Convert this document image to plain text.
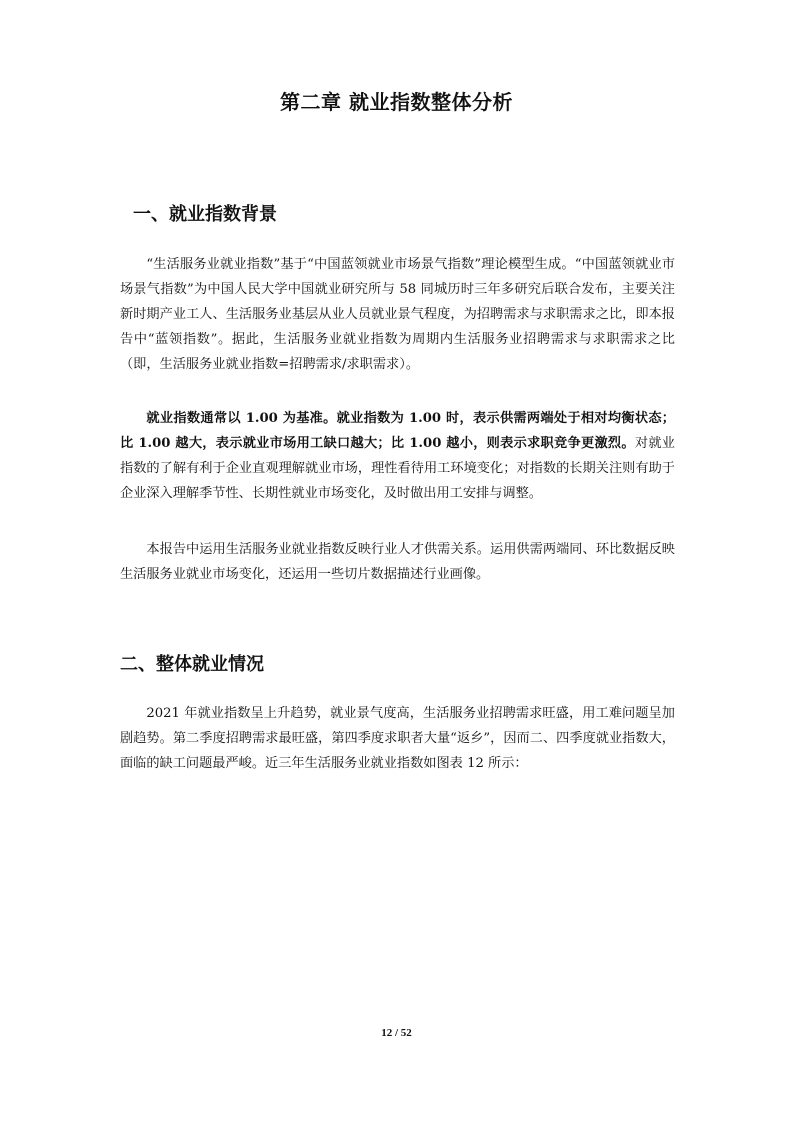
第二章 就业指数整体分析
一、就业指数背景

“生活服务业就业指数”基于“中国蓝领就业市场景气指数”理论模型生成。“中国蓝领就业市场景气指数”为中国人民大学中国就业研究所与 58 同城历时三年多研究后联合发布，主要关注新时期产业工人、生活服务业基层从业人员就业景气程度，为招聘需求与求职需求之比，即本报告中“蓝领指数”。据此，生活服务业就业指数为周期内生活服务业招聘需求与求职需求之比（即，生活服务业就业指数=招聘需求/求职需求）。

就业指数通常以 1.00 为基准。就业指数为 1.00 时，表示供需两端处于相对均衡状态；比 1.00 越大，表示就业市场用工缺口越大；比 1.00 越小，则表示求职竞争更激烈。对就业指数的了解有利于企业直观理解就业市场，理性看待用工环境变化；对指数的长期关注则有助于企业深入理解季节性、长期性就业市场变化，及时做出用工安排与调整。

本报告中运用生活服务业就业指数反映行业人才供需关系。运用供需两端同、环比数据反映生活服务业就业市场变化，还运用一些切片数据描述行业画像。

二、整体就业情况

2021 年就业指数呈上升趋势，就业景气度高，生活服务业招聘需求旺盛，用工难问题呈加剧趋势。第二季度招聘需求最旺盛，第四季度求职者大量“返乡”，因而二、四季度就业指数大，面临的缺工问题最严峻。近三年生活服务业就业指数如图表 12 所示：

12 / 52
